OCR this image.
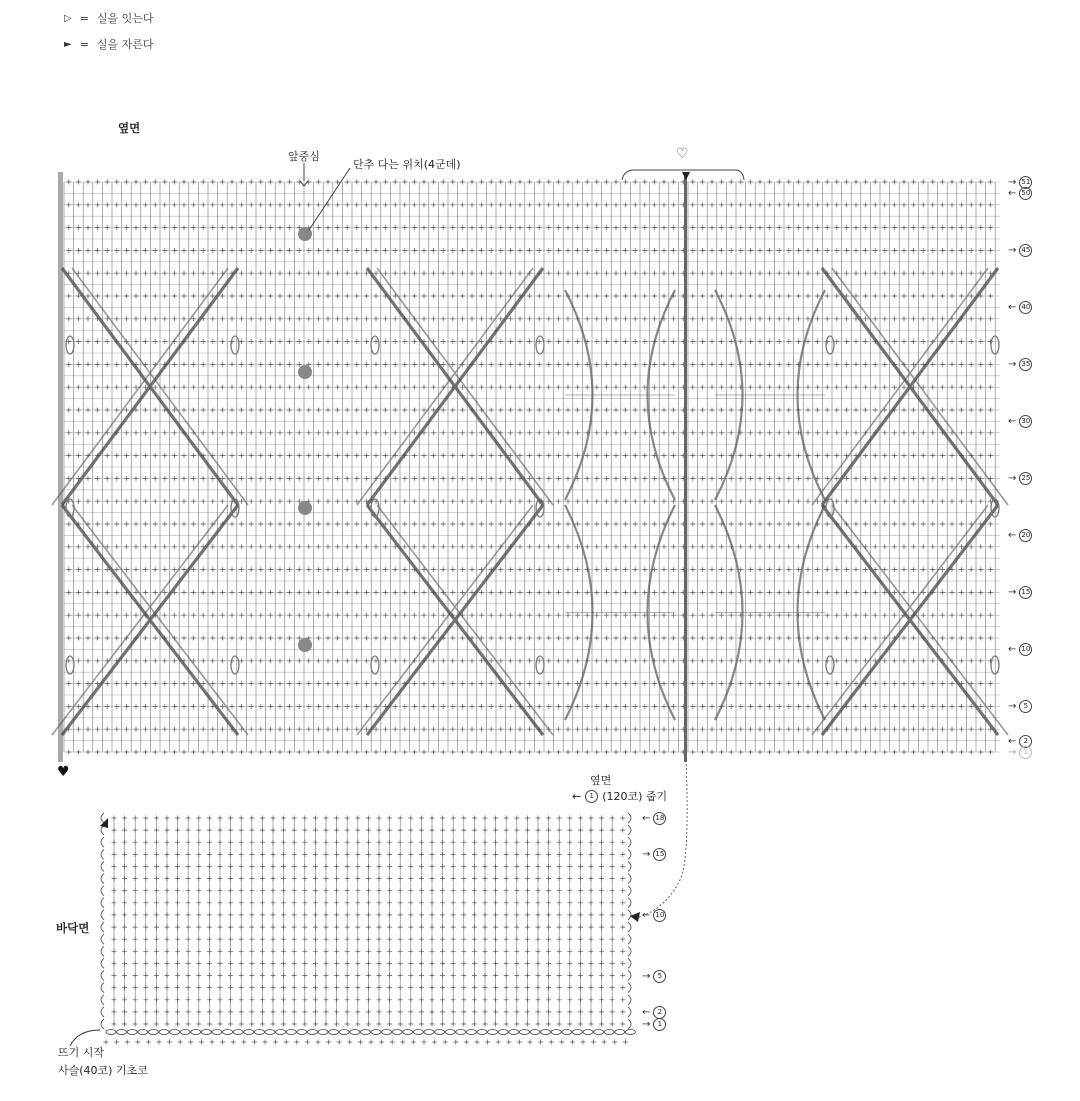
▷ = 실을 잇는다
► = 실을 자른다
옆면
앞중심
단추 다는 위치(4군데)
♡
♥
옆면
←	1 (120코) 줍기
바닥면
뜨기 시작
사슬(40코) 기초코
→ 51
← 50
→ 45
← 40
→ 35
← 30
→ 25
← 20
→ 15
← 10
→	5
←	2
→	1
← 18
→ 15
← 10
→	5
←	2
→	1
